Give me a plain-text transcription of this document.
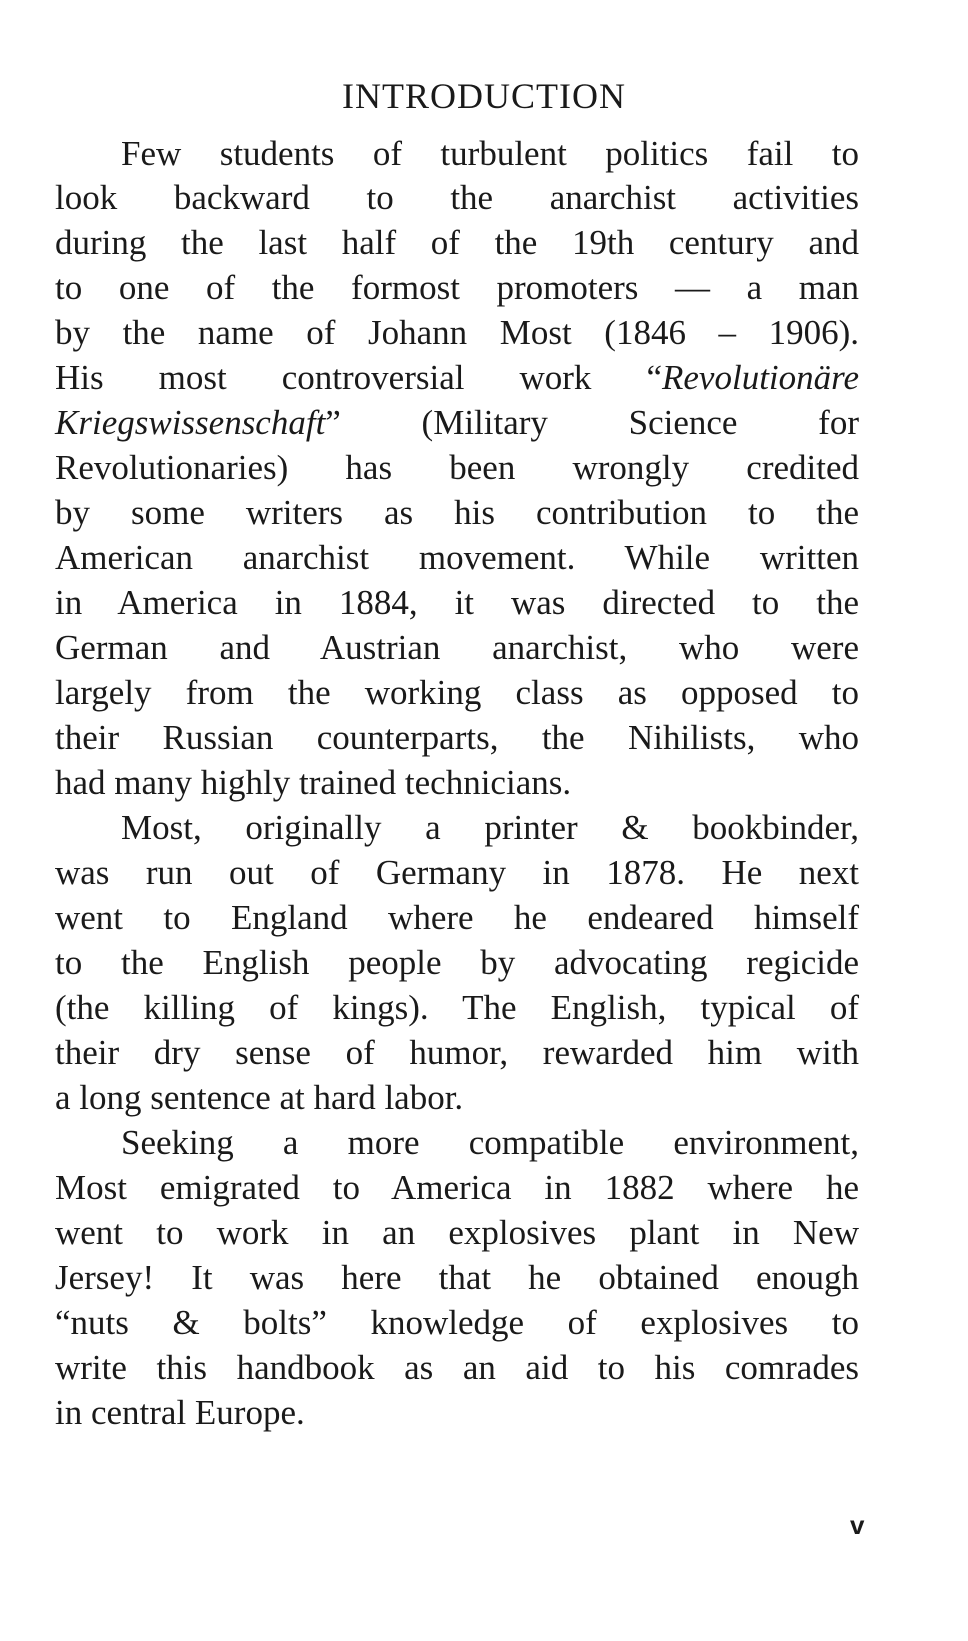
INTRODUCTION
Few students of turbulent politics fail to
look backward to the anarchist activities
during the last half of the 19th century and
to one of the formost promoters — a man
by the name of Johann Most (1846 – 1906).
His most controversial work “Revolutionäre
Kriegswissenschaft” (Military Science for
Revolutionaries) has been wrongly credited
by some writers as his contribution to the
American anarchist movement. While written
in America in 1884, it was directed to the
German and Austrian anarchist, who were
largely from the working class as opposed to
their Russian counterparts, the Nihilists, who
had many highly trained technicians.
Most, originally a printer & bookbinder,
was run out of Germany in 1878. He next
went to England where he endeared himself
to the English people by advocating regicide
(the killing of kings). The English, typical of
their dry sense of humor, rewarded him with
a long sentence at hard labor.
Seeking a more compatible environment,
Most emigrated to America in 1882 where he
went to work in an explosives plant in New
Jersey! It was here that he obtained enough
“nuts & bolts” knowledge of explosives to
write this handbook as an aid to his comrades
in central Europe.
v
